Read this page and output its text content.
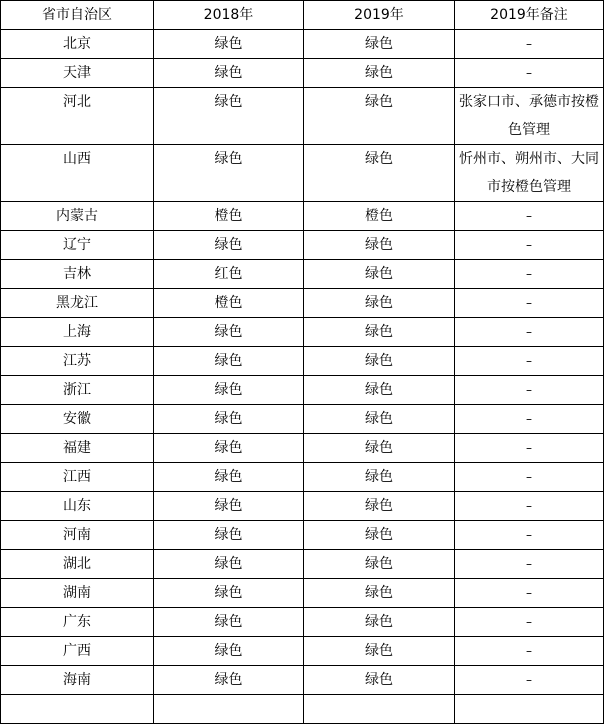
省市自治区	2018年	2019年	2019年备注
北京	绿色	绿色	–
天津	绿色	绿色	–
河北	绿色	绿色	张家口市、承德市按橙色管理
山西	绿色	绿色	忻州市、朔州市、大同市按橙色管理
内蒙古	橙色	橙色	–
辽宁	绿色	绿色	–
吉林	红色	绿色	–
黑龙江	橙色	绿色	–
上海	绿色	绿色	–
江苏	绿色	绿色	–
浙江	绿色	绿色	–
安徽	绿色	绿色	–
福建	绿色	绿色	–
江西	绿色	绿色	–
山东	绿色	绿色	–
河南	绿色	绿色	–
湖北	绿色	绿色	–
湖南	绿色	绿色	–
广东	绿色	绿色	–
广西	绿色	绿色	–
海南	绿色	绿色	–
